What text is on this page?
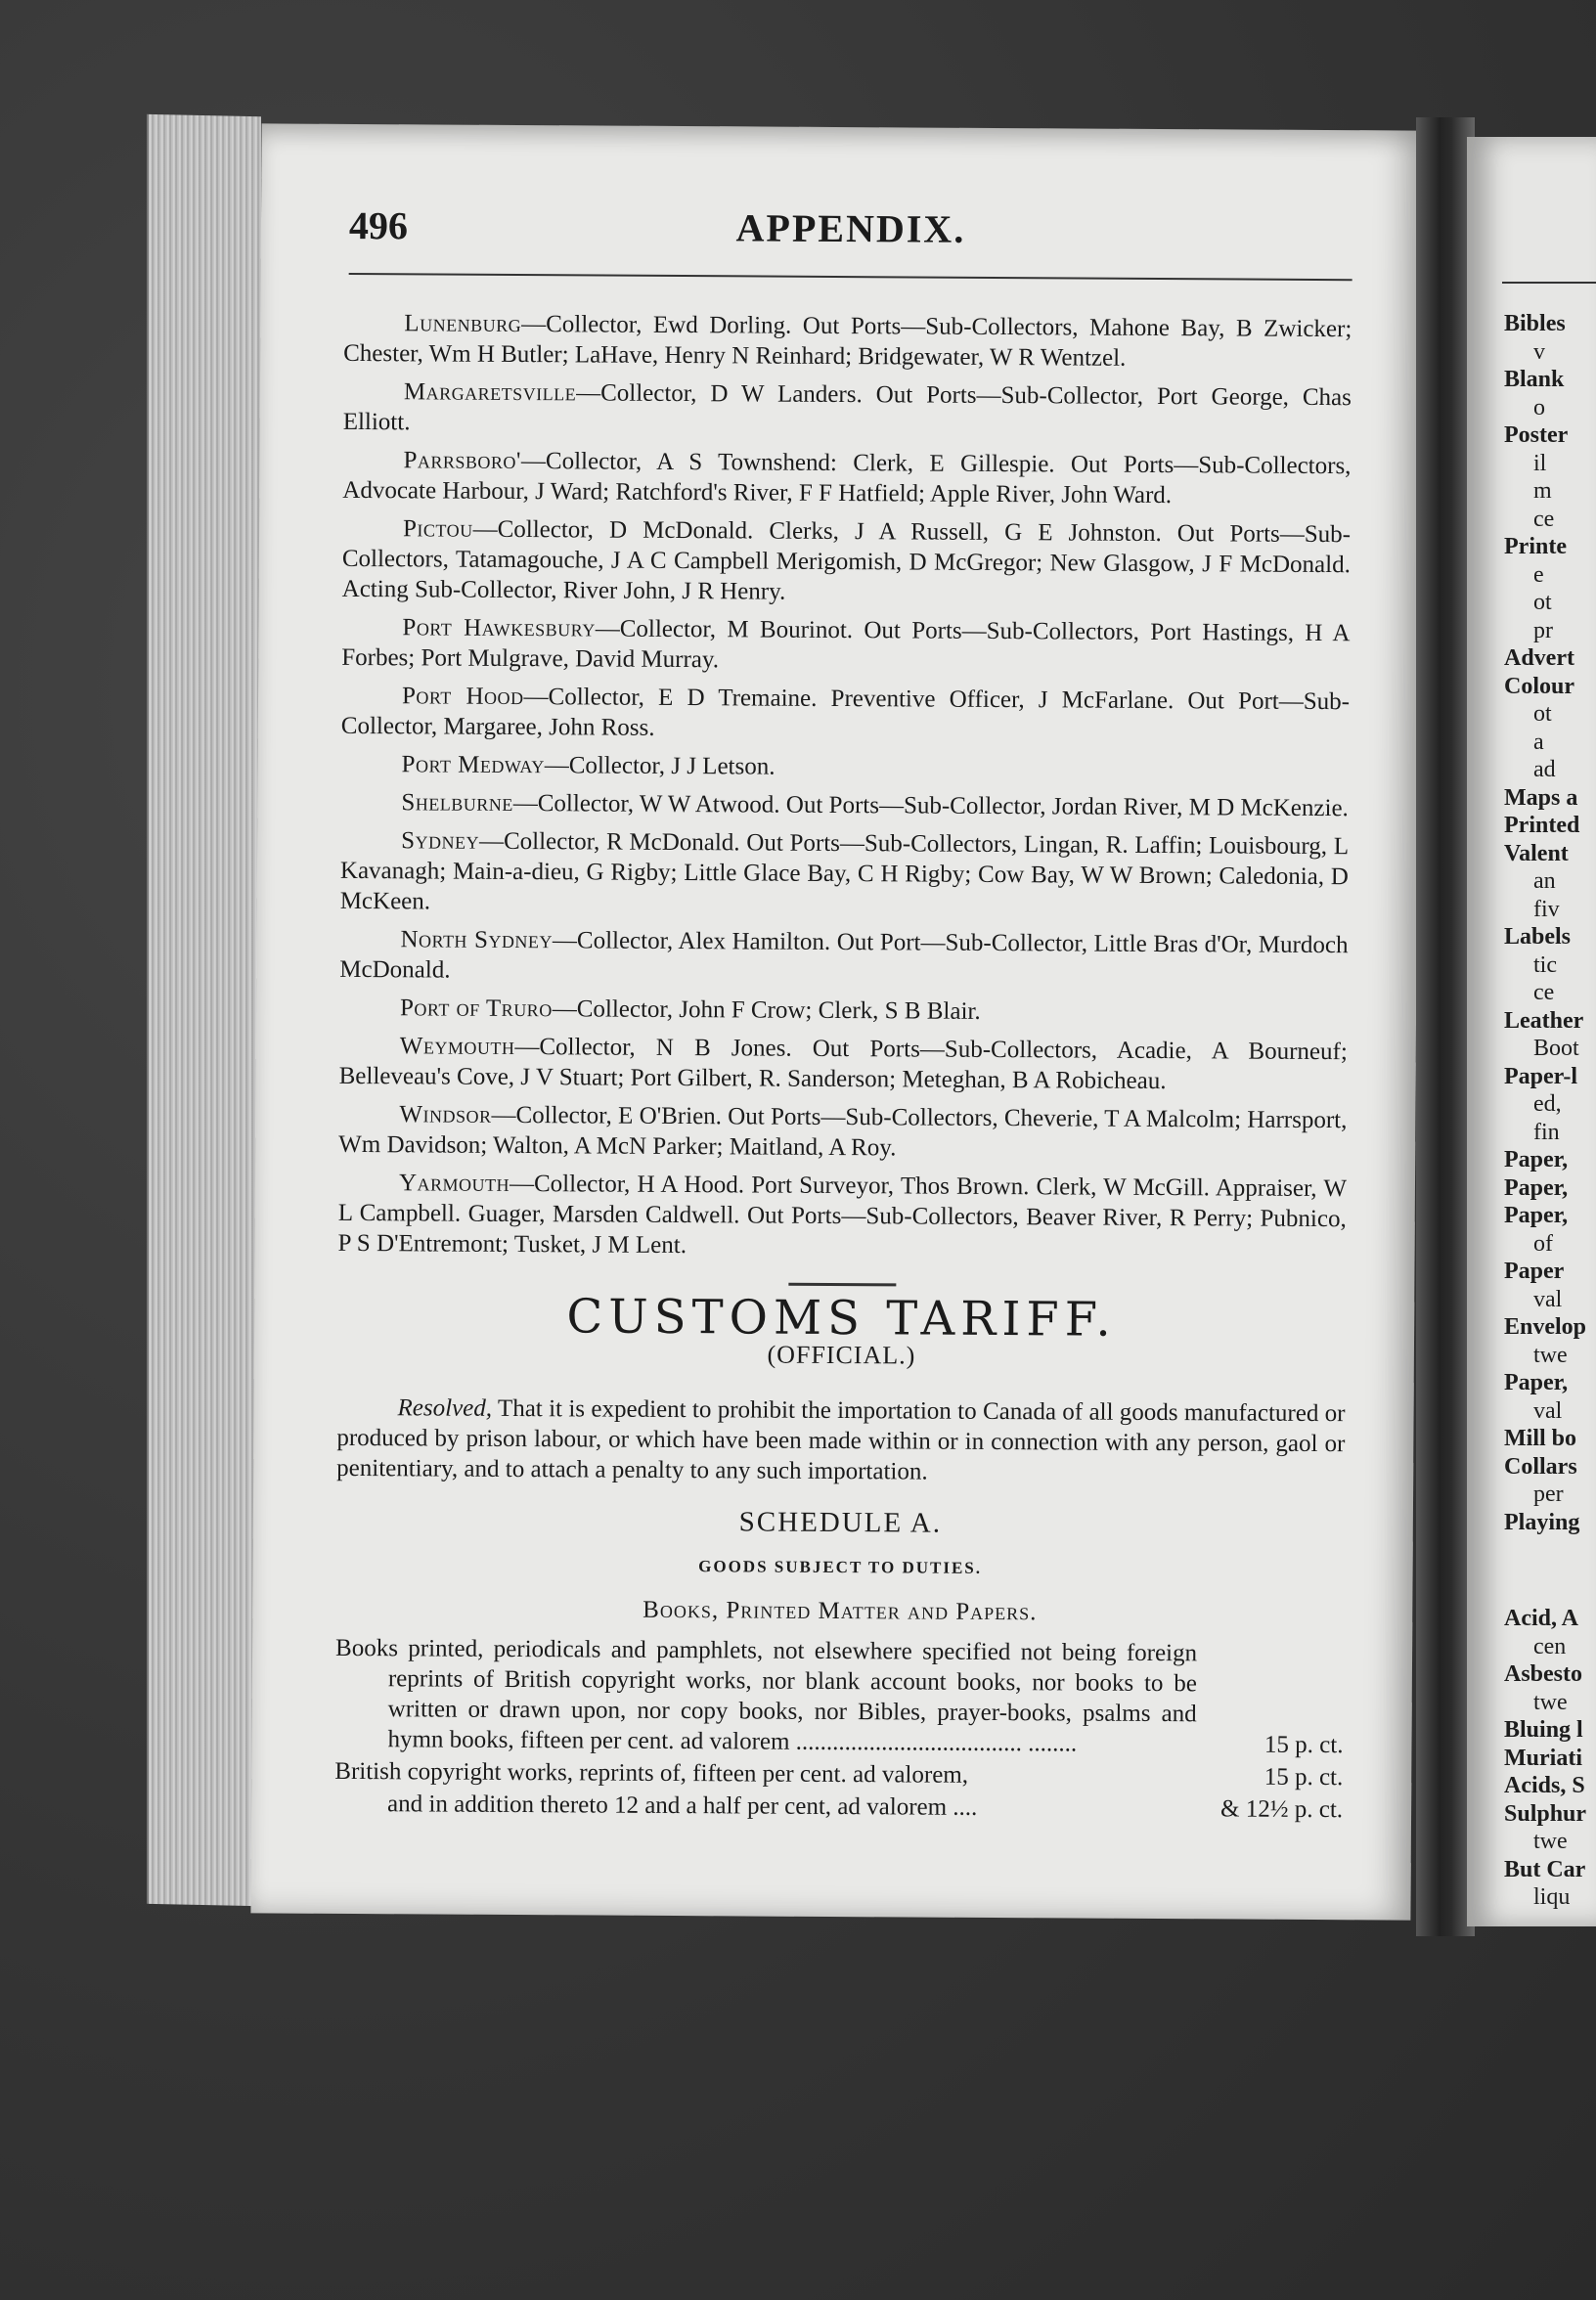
496	APPENDIX.

Lunenburg—Collector, Ewd Dorling. Out Ports—Sub-Collectors, Mahone Bay, B Zwicker; Chester, Wm H Butler; LaHave, Henry N Reinhard; Bridgewater, W R Wentzel.

Margaretsville—Collector, D W Landers. Out Ports—Sub-Collector, Port George, Chas Elliott.

Parrsboro'—Collector, A S Townshend: Clerk, E Gillespie. Out Ports—Sub-Collectors, Advocate Harbour, J Ward; Ratchford's River, F F Hatfield; Apple River, John Ward.

Pictou—Collector, D McDonald. Clerks, J A Russell, G E Johnston. Out Ports—Sub-Collectors, Tatamagouche, J A C Campbell Merigomish, D McGregor; New Glasgow, J F McDonald. Acting Sub-Collector, River John, J R Henry.

Port Hawkesbury—Collector, M Bourinot. Out Ports—Sub-Collectors, Port Hastings, H A Forbes; Port Mulgrave, David Murray.

Port Hood—Collector, E D Tremaine. Preventive Officer, J McFarlane. Out Port—Sub-Collector, Margaree, John Ross.

Port Medway—Collector, J J Letson.

Shelburne—Collector, W W Atwood. Out Ports—Sub-Collector, Jordan River, M D McKenzie.

Sydney—Collector, R McDonald. Out Ports—Sub-Collectors, Lingan, R. Laffin; Louisbourg, L Kavanagh; Main-a-dieu, G Rigby; Little Glace Bay, C H Rigby; Cow Bay, W W Brown; Caledonia, D McKeen.

North Sydney—Collector, Alex Hamilton. Out Port—Sub-Collector, Little Bras d'Or, Murdoch McDonald.

Port of Truro—Collector, John F Crow; Clerk, S B Blair.

Weymouth—Collector, N B Jones. Out Ports—Sub-Collectors, Acadie, A Bourneuf; Belleveau's Cove, J V Stuart; Port Gilbert, R. Sanderson; Meteghan, B A Robicheau.

Windsor—Collector, E O'Brien. Out Ports—Sub-Collectors, Cheverie, T A Malcolm; Harrsport, Wm Davidson; Walton, A McN Parker; Maitland, A Roy.

Yarmouth—Collector, H A Hood. Port Surveyor, Thos Brown. Clerk, W McGill. Appraiser, W L Campbell. Guager, Marsden Caldwell. Out Ports—Sub-Collectors, Beaver River, R Perry; Pubnico, P S D'Entremont; Tusket, J M Lent.

CUSTOMS TARIFF.
(OFFICIAL.)

Resolved, That it is expedient to prohibit the importation to Canada of all goods manufactured or produced by prison labour, or which have been made within or in connection with any person, gaol or penitentiary, and to attach a penalty to any such importation.

SCHEDULE A.
GOODS SUBJECT TO DUTIES.
Books, Printed Matter and Papers.
Books printed, periodicals and pamphlets, not elsewhere specified not being foreign reprints of British copyright works, nor blank account books, nor books to be written or drawn upon, nor copy books, nor Bibles, prayer-books, psalms and hymn books, fifteen per cent. ad valorem ..................................... ........	15 p. ct.
British copyright works, reprints of, fifteen per cent. ad valorem,	15 p. ct.
and in addition thereto 12 and a half per cent, ad valorem ....	& 12½ p. ct.
Bibles
v
Blank
o
Poster
il
m
ce
Printe
e
ot
pr
Advert
Colour
ot
a
ad
Maps a
Printed
Valent
an
fiv
Labels
tic
ce
Leather
Boot
Paper-l
ed,
fin
Paper,
Paper,
Paper,
of
Paper
val
Envelop
twe
Paper,
val
Mill bo
Collars
per
Playing
Acid, A
cen
Asbesto
twe
Bluing l
Muriati
Acids, S
Sulphur
twe
But Car
liqu
